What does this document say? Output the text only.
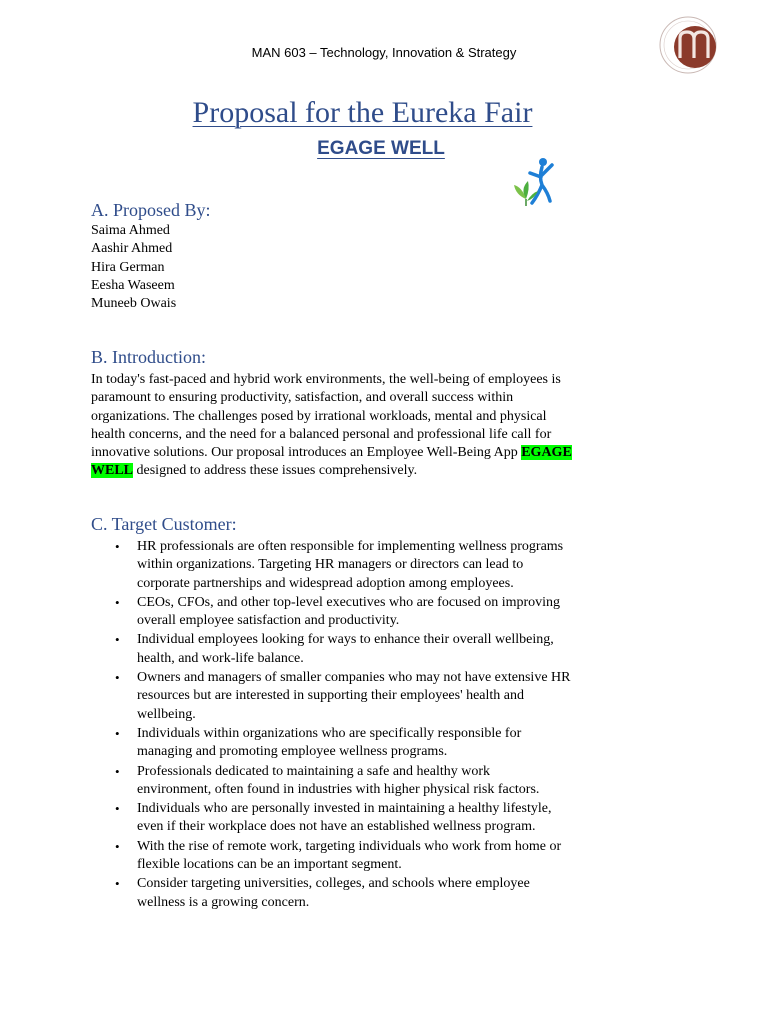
MAN 603 – Technology, Innovation & Strategy
Proposal for the Eureka Fair
EGAGE WELL
A. Proposed By:
Saima Ahmed
Aashir Ahmed
Hira German
Eesha Waseem
Muneeb Owais
B. Introduction:
In today's fast-paced and hybrid work environments, the well-being of employees is
paramount to ensuring productivity, satisfaction, and overall success within
organizations. The challenges posed by irrational workloads, mental and physical
health concerns, and the need for a balanced personal and professional life call for
innovative solutions. Our proposal introduces an Employee Well-Being App EGAGE
WELL designed to address these issues comprehensively.
C. Target Customer:
• HR professionals are often responsible for implementing wellness programs
within organizations. Targeting HR managers or directors can lead to
corporate partnerships and widespread adoption among employees.
• CEOs, CFOs, and other top-level executives who are focused on improving
overall employee satisfaction and productivity.
• Individual employees looking for ways to enhance their overall wellbeing,
health, and work-life balance.
• Owners and managers of smaller companies who may not have extensive HR
resources but are interested in supporting their employees' health and
wellbeing.
• Individuals within organizations who are specifically responsible for
managing and promoting employee wellness programs.
• Professionals dedicated to maintaining a safe and healthy work
environment, often found in industries with higher physical risk factors.
• Individuals who are personally invested in maintaining a healthy lifestyle,
even if their workplace does not have an established wellness program.
• With the rise of remote work, targeting individuals who work from home or
flexible locations can be an important segment.
• Consider targeting universities, colleges, and schools where employee
wellness is a growing concern.
